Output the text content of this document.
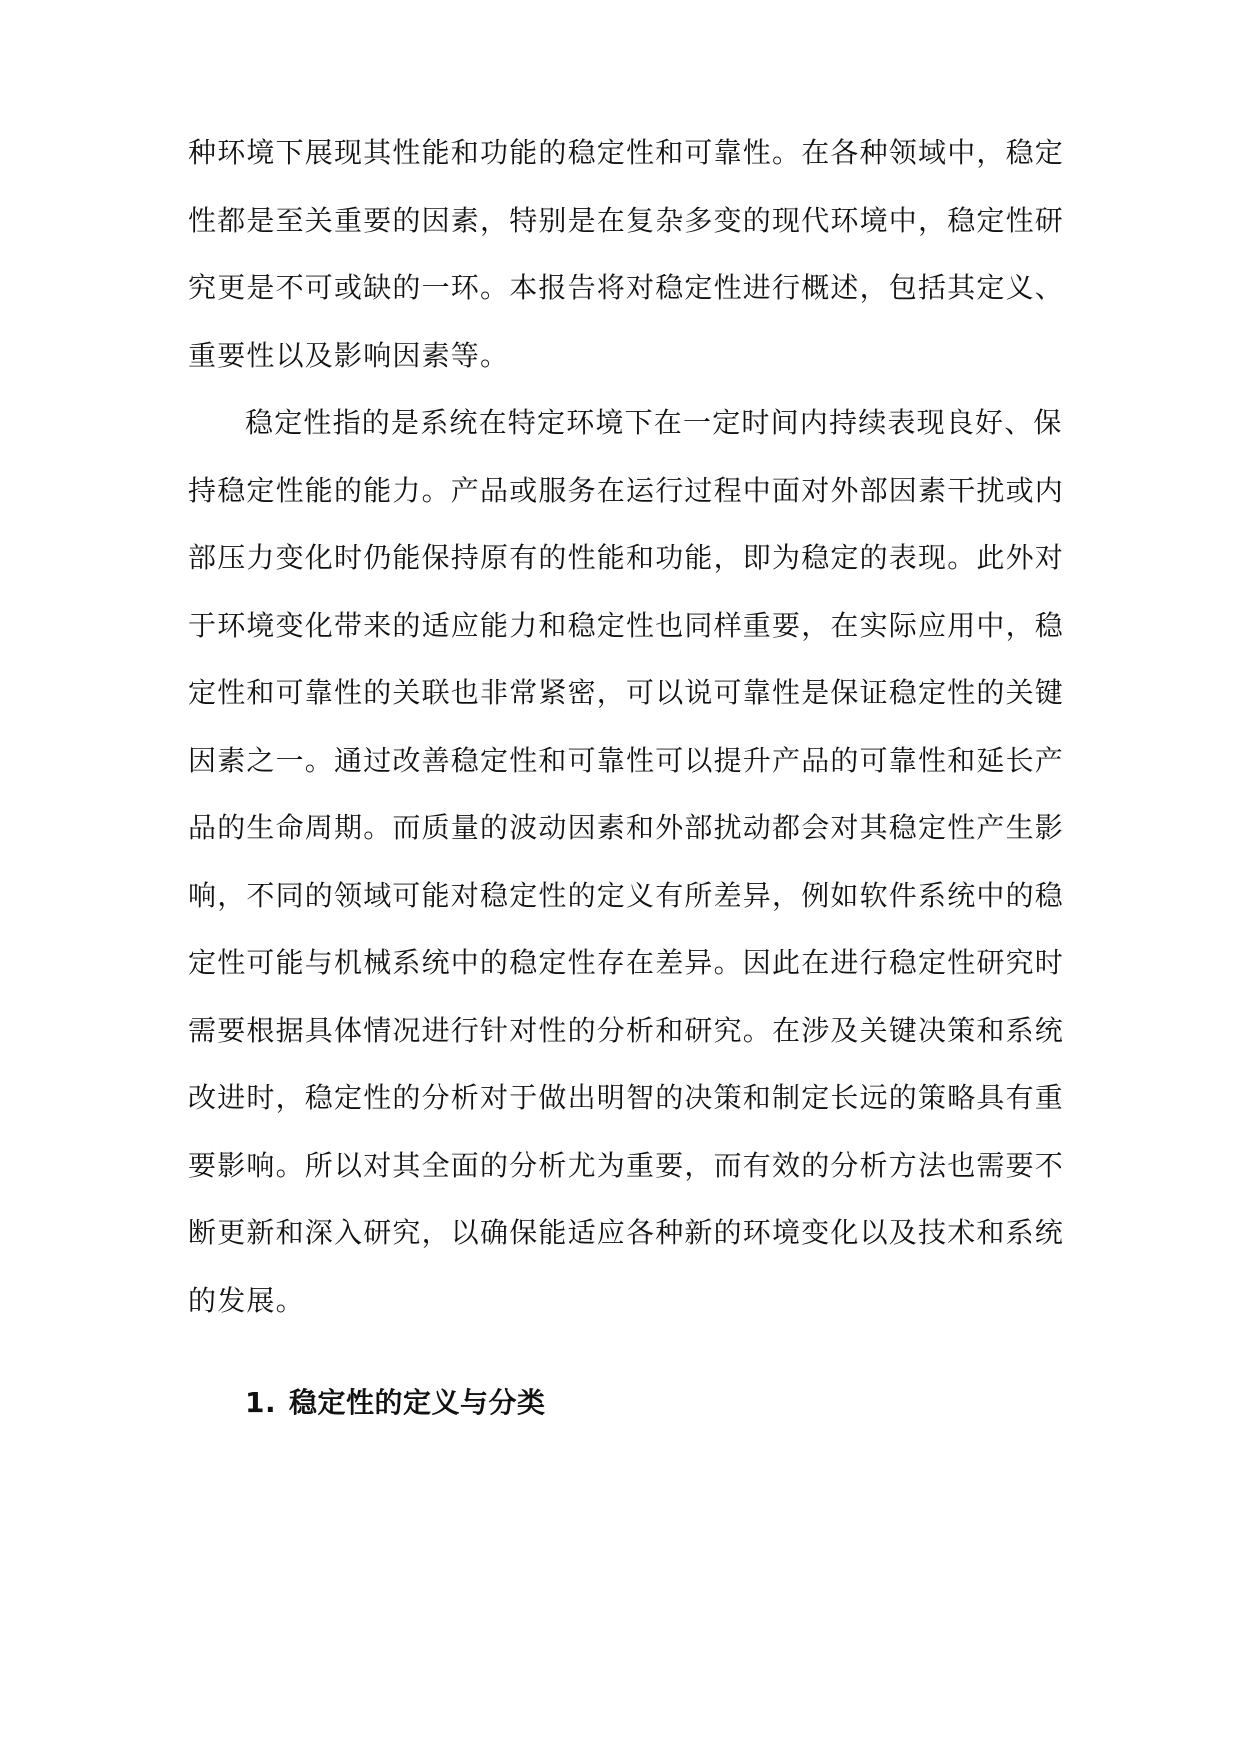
种环境下展现其性能和功能的稳定性和可靠性。在各种领域中，稳定
性都是至关重要的因素，特别是在复杂多变的现代环境中，稳定性研
究更是不可或缺的一环。本报告将对稳定性进行概述，包括其定义、
重要性以及影响因素等。
稳定性指的是系统在特定环境下在一定时间内持续表现良好、保
持稳定性能的能力。产品或服务在运行过程中面对外部因素干扰或内
部压力变化时仍能保持原有的性能和功能，即为稳定的表现。此外对
于环境变化带来的适应能力和稳定性也同样重要，在实际应用中，稳
定性和可靠性的关联也非常紧密，可以说可靠性是保证稳定性的关键
因素之一。通过改善稳定性和可靠性可以提升产品的可靠性和延长产
品的生命周期。而质量的波动因素和外部扰动都会对其稳定性产生影
响，不同的领域可能对稳定性的定义有所差异，例如软件系统中的稳
定性可能与机械系统中的稳定性存在差异。因此在进行稳定性研究时
需要根据具体情况进行针对性的分析和研究。在涉及关键决策和系统
改进时，稳定性的分析对于做出明智的决策和制定长远的策略具有重
要影响。所以对其全面的分析尤为重要，而有效的分析方法也需要不
断更新和深入研究，以确保能适应各种新的环境变化以及技术和系统
的发展。
1. 稳定性的定义与分类
